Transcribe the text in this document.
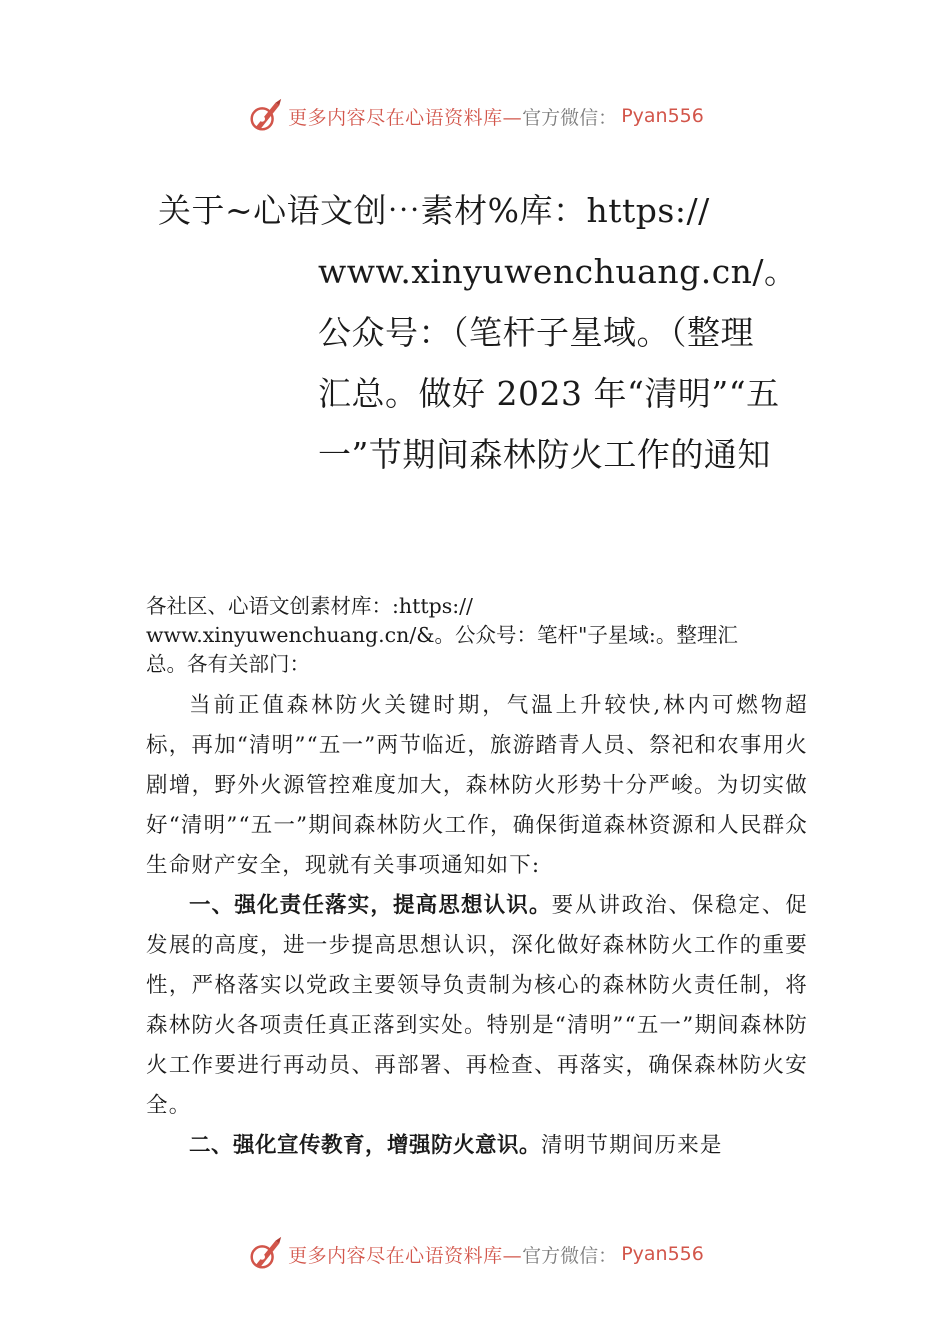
更多内容尽在心语资料库— 官方微信： Pyan556
关于~心语文创⋯素材%库：https://
www.xinyuwenchuang.cn/。公众号：（笔杆子星域。（整理汇总。做好 2023 年“清明”“五一”节期间森林防火工作的通知
各社区、心语文创素材库：:https://
www.xinyuwenchuang.cn/&。公众号：笔杆"子星域:。整理汇
总。各有关部门：

当前正值森林防火关键时期，气温上升较快,林内可燃物超标，再加“清明”“五一”两节临近，旅游踏青人员、祭祀和农事用火剧增，野外火源管控难度加大，森林防火形势十分严峻。为切实做好“清明”“五一”期间森林防火工作，确保街道森林资源和人民群众生命财产安全，现就有关事项通知如下:

一、强化责任落实，提高思想认识。要从讲政治、保稳定、促发展的高度，进一步提高思想认识，深化做好森林防火工作的重要性，严格落实以党政主要领导负责制为核心的森林防火责任制，将森林防火各项责任真正落到实处。特别是“清明”“五一”期间森林防火工作要进行再动员、再部署、再检查、再落实，确保森林防火安全。

二、强化宣传教育，增强防火意识。清明节期间历来是

更多内容尽在心语资料库— 官方微信： Pyan556
